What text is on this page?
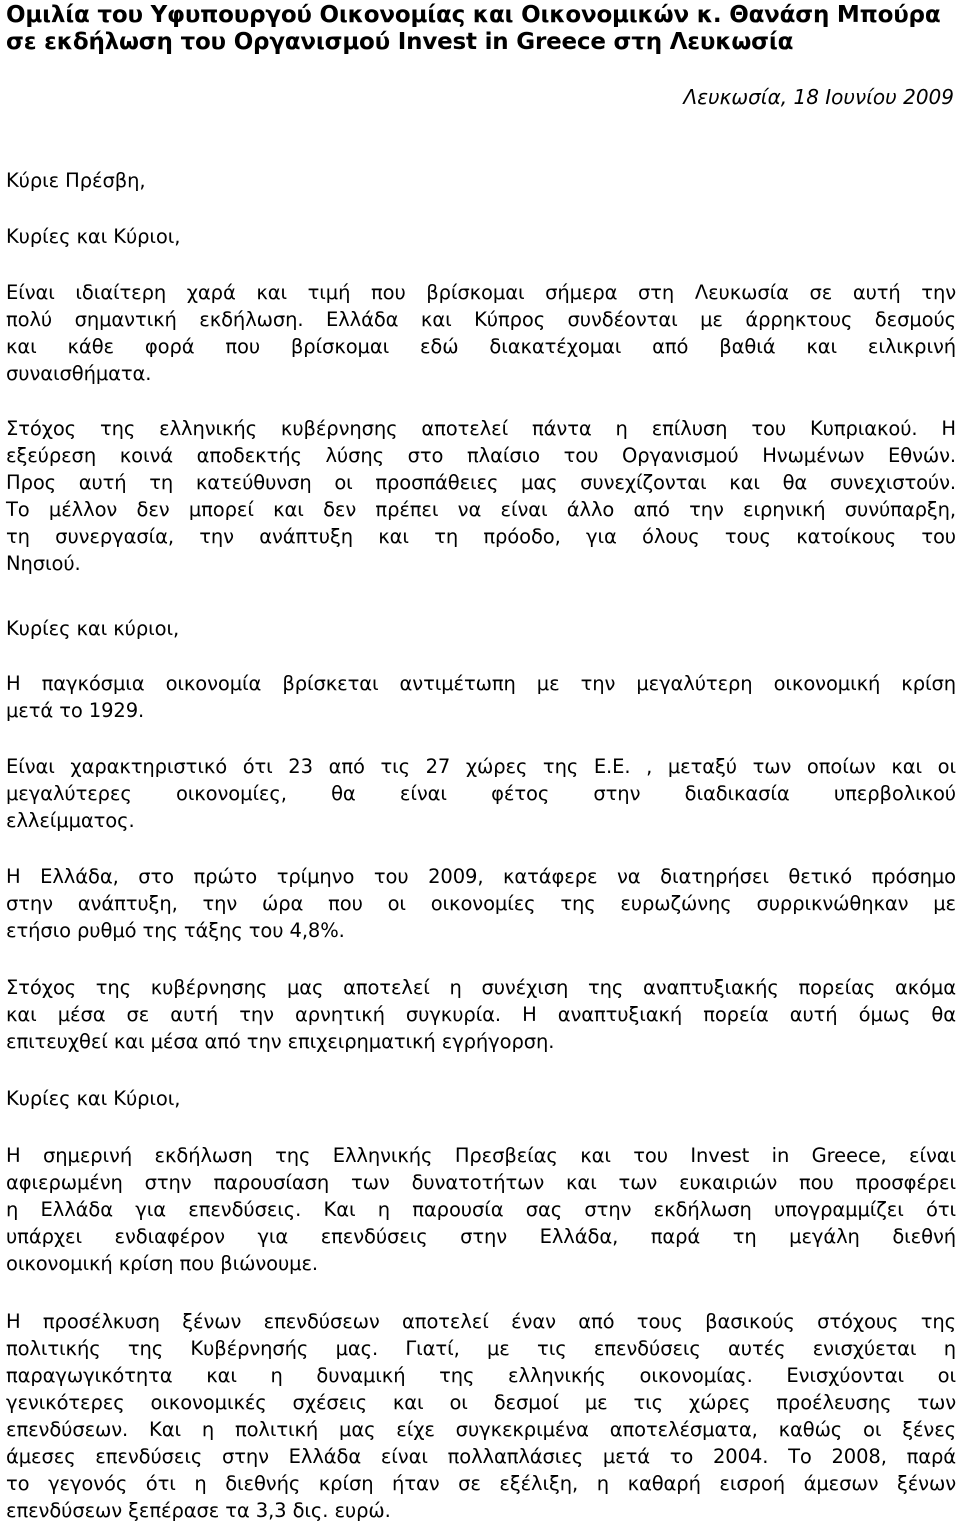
Ομιλία του Υφυπουργού Οικονομίας και Οικονομικών κ. Θανάση Μπούρα
σε εκδήλωση του Οργανισμού Invest in Greece στη Λευκωσία

Λευκωσία, 18 Ιουνίου 2009

Κύριε Πρέσβη,

Κυρίες και Κύριοι,

Είναι ιδιαίτερη χαρά και τιμή που βρίσκομαι σήμερα στη Λευκωσία σε αυτή την
πολύ σημαντική εκδήλωση. Ελλάδα και Κύπρος συνδέονται με άρρηκτους δεσμούς
και κάθε φορά που βρίσκομαι εδώ διακατέχομαι από βαθιά και ειλικρινή
συναισθήματα.

Στόχος της ελληνικής κυβέρνησης αποτελεί πάντα η επίλυση του Κυπριακού. Η
εξεύρεση κοινά αποδεκτής λύσης στο πλαίσιο του Οργανισμού Ηνωμένων Εθνών.
Προς αυτή τη κατεύθυνση οι προσπάθειες μας συνεχίζονται και θα συνεχιστούν.
Το μέλλον δεν μπορεί και δεν πρέπει να είναι άλλο από την ειρηνική συνύπαρξη,
τη συνεργασία, την ανάπτυξη και τη πρόοδο, για όλους τους κατοίκους του
Νησιού.

Κυρίες και κύριοι,

Η παγκόσμια οικονομία βρίσκεται αντιμέτωπη με την μεγαλύτερη οικονομική κρίση
μετά το 1929.

Είναι χαρακτηριστικό ότι 23 από τις 27 χώρες της Ε.Ε. , μεταξύ των οποίων και οι
μεγαλύτερες οικονομίες, θα είναι φέτος στην διαδικασία υπερβολικού
ελλείμματος.

Η Ελλάδα, στο πρώτο τρίμηνο του 2009, κατάφερε να διατηρήσει θετικό πρόσημο
στην ανάπτυξη, την ώρα που οι οικονομίες της ευρωζώνης συρρικνώθηκαν με
ετήσιο ρυθμό της τάξης του 4,8%.

Στόχος της κυβέρνησης μας αποτελεί η συνέχιση της αναπτυξιακής πορείας ακόμα
και μέσα σε αυτή την αρνητική συγκυρία. Η αναπτυξιακή πορεία αυτή όμως θα
επιτευχθεί και μέσα από την επιχειρηματική εγρήγορση.

Κυρίες και Κύριοι,

Η σημερινή εκδήλωση της Ελληνικής Πρεσβείας και του Invest in Greece, είναι
αφιερωμένη στην παρουσίαση των δυνατοτήτων και των ευκαιριών που προσφέρει
η Ελλάδα για επενδύσεις. Και η παρουσία σας στην εκδήλωση υπογραμμίζει ότι
υπάρχει ενδιαφέρον για επενδύσεις στην Ελλάδα, παρά τη μεγάλη διεθνή
οικονομική κρίση που βιώνουμε.

Η προσέλκυση ξένων επενδύσεων αποτελεί έναν από τους βασικούς στόχους της
πολιτικής της Κυβέρνησής μας. Γιατί, με τις επενδύσεις αυτές ενισχύεται η
παραγωγικότητα και η δυναμική της ελληνικής οικονομίας. Ενισχύονται οι
γενικότερες οικονομικές σχέσεις και οι δεσμοί με τις χώρες προέλευσης των
επενδύσεων. Και η πολιτική μας είχε συγκεκριμένα αποτελέσματα, καθώς οι ξένες
άμεσες επενδύσεις στην Ελλάδα είναι πολλαπλάσιες μετά το 2004. Το 2008, παρά
το γεγονός ότι η διεθνής κρίση ήταν σε εξέλιξη, η καθαρή εισροή άμεσων ξένων
επενδύσεων ξεπέρασε τα 3,3 δις. ευρώ.
